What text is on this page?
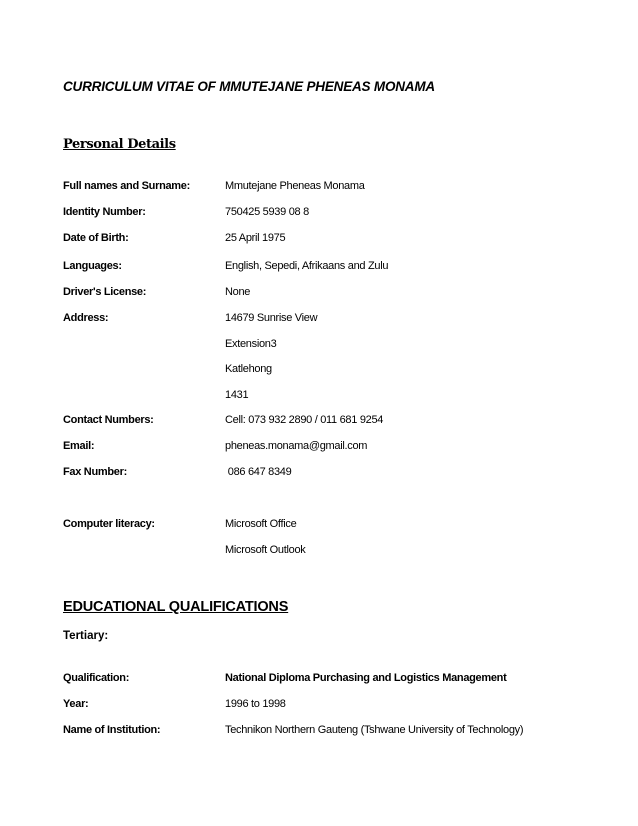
CURRICULUM VITAE OF MMUTEJANE PHENEAS MONAMA
Personal Details
Full names and Surname:	Mmutejane Pheneas Monama
Identity Number:	750425 5939 08 8
Date of Birth:	25 April 1975
Languages:	English, Sepedi, Afrikaans and Zulu
Driver's License:	None
Address:	14679 Sunrise View
Extension3
Katlehong
1431
Contact Numbers:	Cell: 073 932 2890 / 011 681 9254
Email:	pheneas.monama@gmail.com
Fax Number:	086 647 8349
Computer literacy:	Microsoft Office
Microsoft Outlook
EDUCATIONAL QUALIFICATIONS
Tertiary:
Qualification:	National Diploma Purchasing and Logistics Management
Year:	1996 to 1998
Name of Institution:	Technikon Northern Gauteng (Tshwane University of Technology)
